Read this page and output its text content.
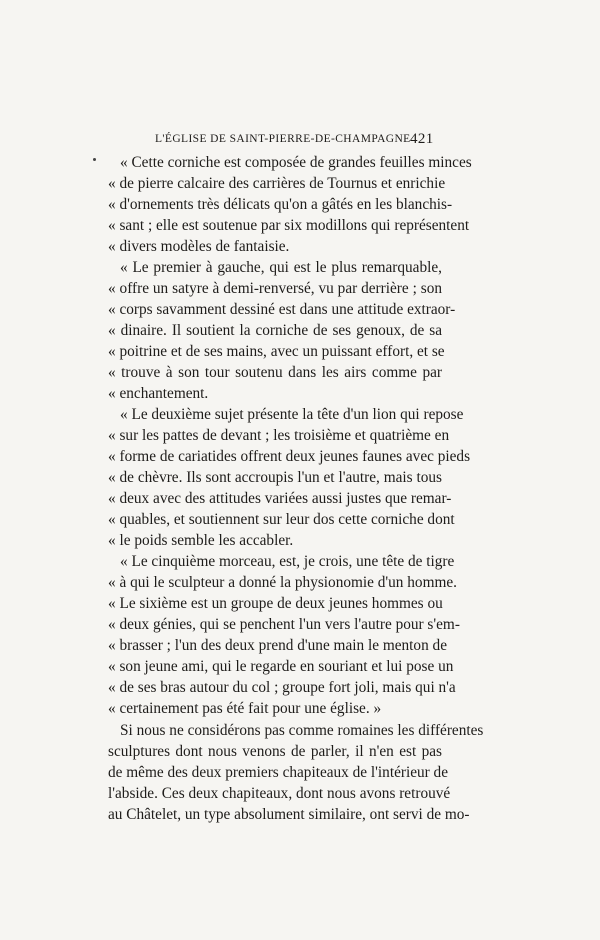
L'ÉGLISE DE SAINT-PIERRE-DE-CHAMPAGNE 421
« Cette corniche est composée de grandes feuilles minces
« de pierre calcaire des carrières de Tournus et enrichie
« d'ornements très délicats qu'on a gâtés en les blanchis-
« sant ; elle est soutenue par six modillons qui représentent
« divers modèles de fantaisie.
« Le premier à gauche, qui est le plus remarquable,
« offre un satyre à demi-renversé, vu par derrière ; son
« corps savamment dessiné est dans une attitude extraor-
« dinaire. Il soutient la corniche de ses genoux, de sa
« poitrine et de ses mains, avec un puissant effort, et se
« trouve à son tour soutenu dans les airs comme par
« enchantement.
« Le deuxième sujet présente la tête d'un lion qui repose
« sur les pattes de devant ; les troisième et quatrième en
« forme de cariatides offrent deux jeunes faunes avec pieds
« de chèvre. Ils sont accroupis l'un et l'autre, mais tous
« deux avec des attitudes variées aussi justes que remar-
« quables, et soutiennent sur leur dos cette corniche dont
« le poids semble les accabler.
« Le cinquième morceau, est, je crois, une tête de tigre
« à qui le sculpteur a donné la physionomie d'un homme.
« Le sixième est un groupe de deux jeunes hommes ou
« deux génies, qui se penchent l'un vers l'autre pour s'em-
« brasser ; l'un des deux prend d'une main le menton de
« son jeune ami, qui le regarde en souriant et lui pose un
« de ses bras autour du col ; groupe fort joli, mais qui n'a
« certainement pas été fait pour une église. »
Si nous ne considérons pas comme romaines les différentes
sculptures dont nous venons de parler, il n'en est pas
de même des deux premiers chapiteaux de l'intérieur de
l'abside. Ces deux chapiteaux, dont nous avons retrouvé
au Châtelet, un type absolument similaire, ont servi de mo-
